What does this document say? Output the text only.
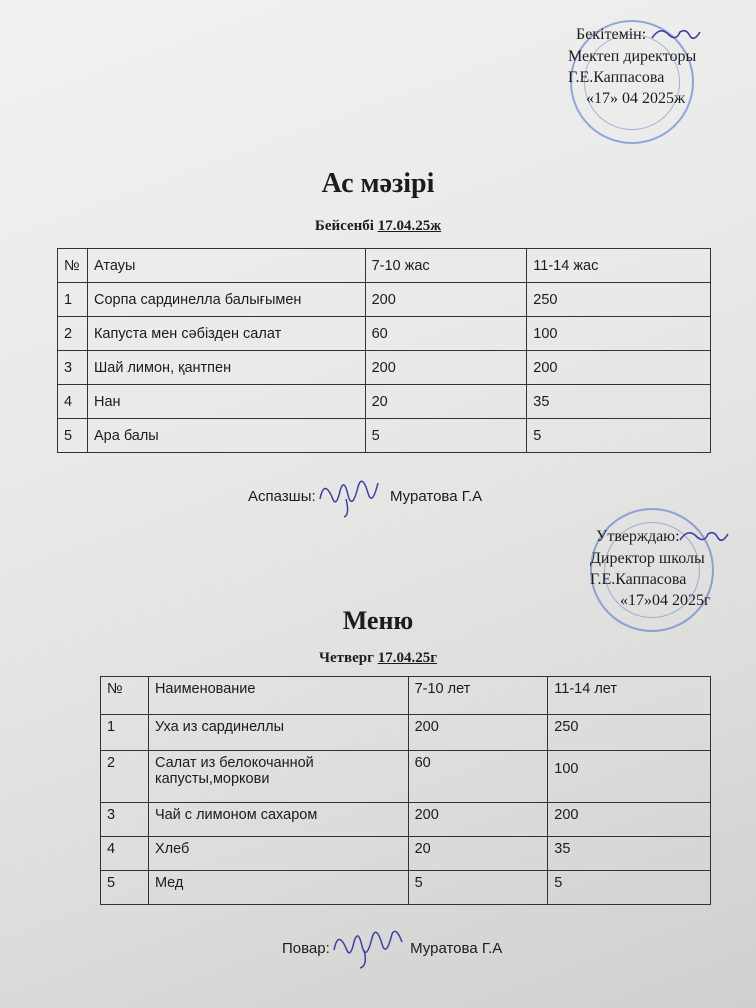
Бекітемін:
Мектеп директоры
Г.Е.Каппасова
«17» 04 2025ж
Ас мәзірі
Бейсенбі 17.04.25ж
№	Атауы	7-10 жас	11-14 жас
1	Сорпа сардинелла балығымен	200	250
2	Капуста мен сәбізден салат	60	100
3	Шай лимон, қантпен	200	200
4	Нан	20	35
5	Ара балы	5	5
Аспазшы:	Муратова Г.А
Утверждаю:
Директор школы
Г.Е.Каппасова
«17»04 2025г
Меню
Четверг 17.04.25г
№	Наименование	7-10 лет	11-14 лет
1	Уха из сардинеллы	200	250
2	Салат из белокочанной капусты,моркови	60	100
3	Чай с лимоном сахаром	200	200
4	Хлеб	20	35
5	Мед	5	5
Повар:	Муратова Г.А
